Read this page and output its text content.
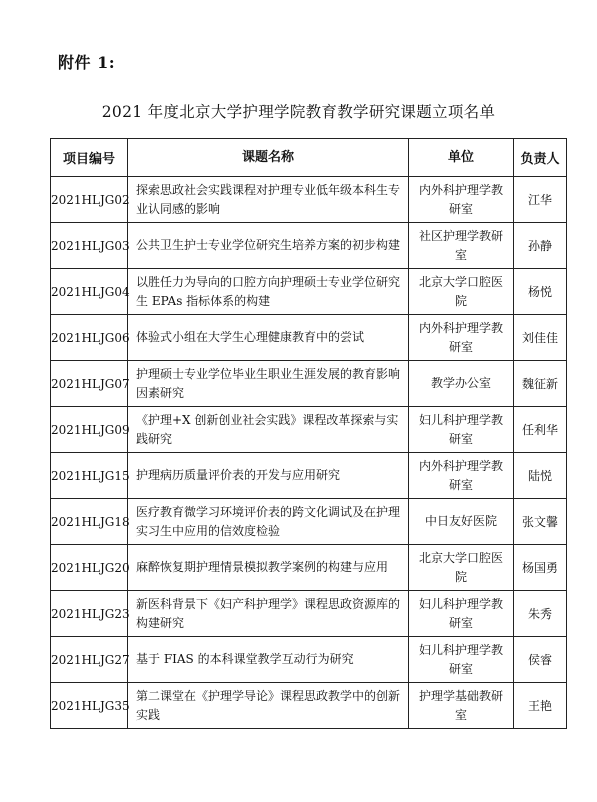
附件 1:
2021 年度北京大学护理学院教育教学研究课题立项名单
项目编号	课题名称	单位	负责人
2021HLJG02	探索思政社会实践课程对护理专业低年级本科生专业认同感的影响	内外科护理学教研室	江华
2021HLJG03	公共卫生护士专业学位研究生培养方案的初步构建	社区护理学教研室	孙静
2021HLJG04	以胜任力为导向的口腔方向护理硕士专业学位研究生 EPAs 指标体系的构建	北京大学口腔医院	杨悦
2021HLJG06	体验式小组在大学生心理健康教育中的尝试	内外科护理学教研室	刘佳佳
2021HLJG07	护理硕士专业学位毕业生职业生涯发展的教育影响因素研究	教学办公室	魏征新
2021HLJG09	《护理+X 创新创业社会实践》课程改革探索与实践研究	妇儿科护理学教研室	任利华
2021HLJG15	护理病历质量评价表的开发与应用研究	内外科护理学教研室	陆悦
2021HLJG18	医疗教育微学习环境评价表的跨文化调试及在护理实习生中应用的信效度检验	中日友好医院	张文馨
2021HLJG20	麻醉恢复期护理情景模拟教学案例的构建与应用	北京大学口腔医院	杨国勇
2021HLJG23	新医科背景下《妇产科护理学》课程思政资源库的构建研究	妇儿科护理学教研室	朱秀
2021HLJG27	基于 FIAS 的本科课堂教学互动行为研究	妇儿科护理学教研室	侯睿
2021HLJG35	第二课堂在《护理学导论》课程思政教学中的创新实践	护理学基础教研室	王艳
